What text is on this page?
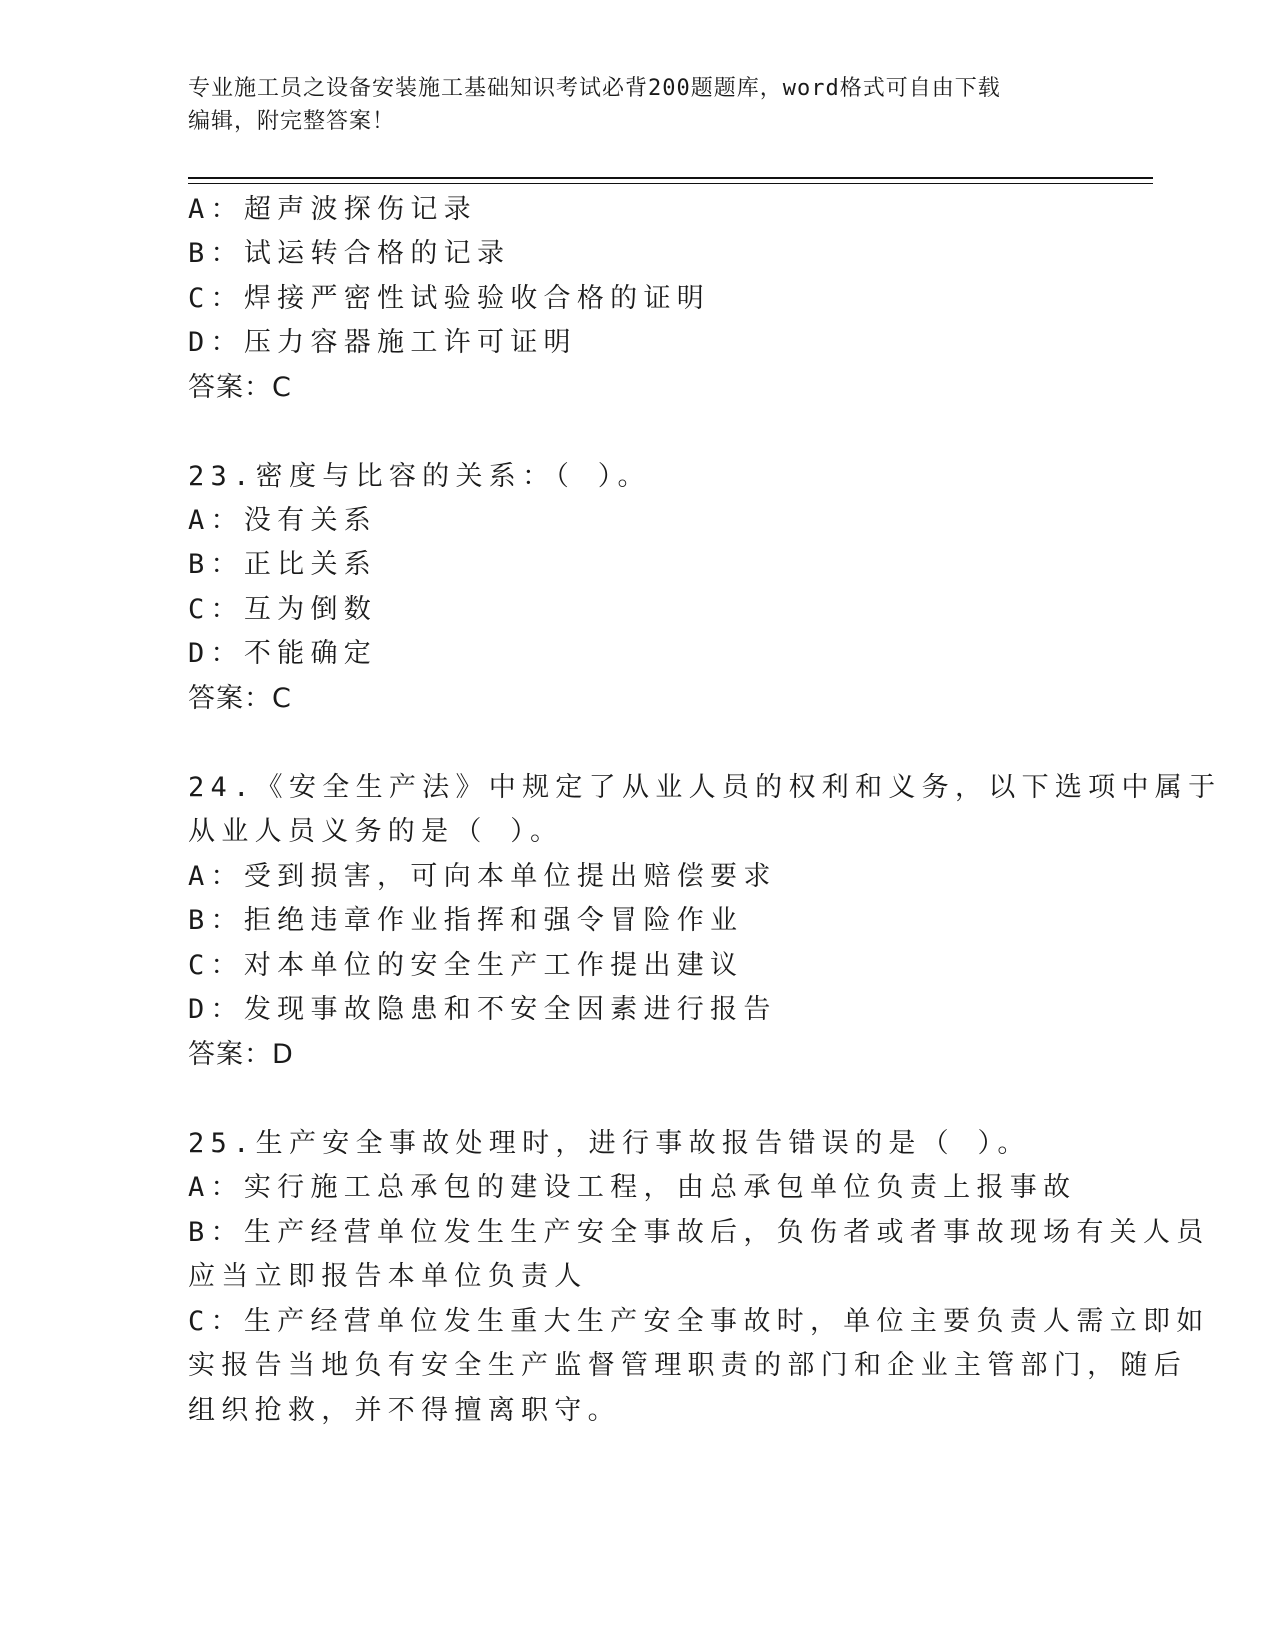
专业施工员之设备安装施工基础知识考试必背200题题库，word格式可自由下载
编辑，附完整答案！
A：超声波探伤记录
B：试运转合格的记录
C：焊接严密性试验验收合格的证明
D：压力容器施工许可证明
答案：C
23.密度与比容的关系：（ ）。
A：没有关系
B：正比关系
C：互为倒数
D：不能确定
答案：C
24.《安全生产法》中规定了从业人员的权利和义务，以下选项中属于
从业人员义务的是（ ）。
A：受到损害，可向本单位提出赔偿要求
B：拒绝违章作业指挥和强令冒险作业
C：对本单位的安全生产工作提出建议
D：发现事故隐患和不安全因素进行报告
答案：D
25.生产安全事故处理时，进行事故报告错误的是（ ）。
A：实行施工总承包的建设工程，由总承包单位负责上报事故
B：生产经营单位发生生产安全事故后，负伤者或者事故现场有关人员
应当立即报告本单位负责人
C：生产经营单位发生重大生产安全事故时，单位主要负责人需立即如
实报告当地负有安全生产监督管理职责的部门和企业主管部门，随后
组织抢救，并不得擅离职守。
